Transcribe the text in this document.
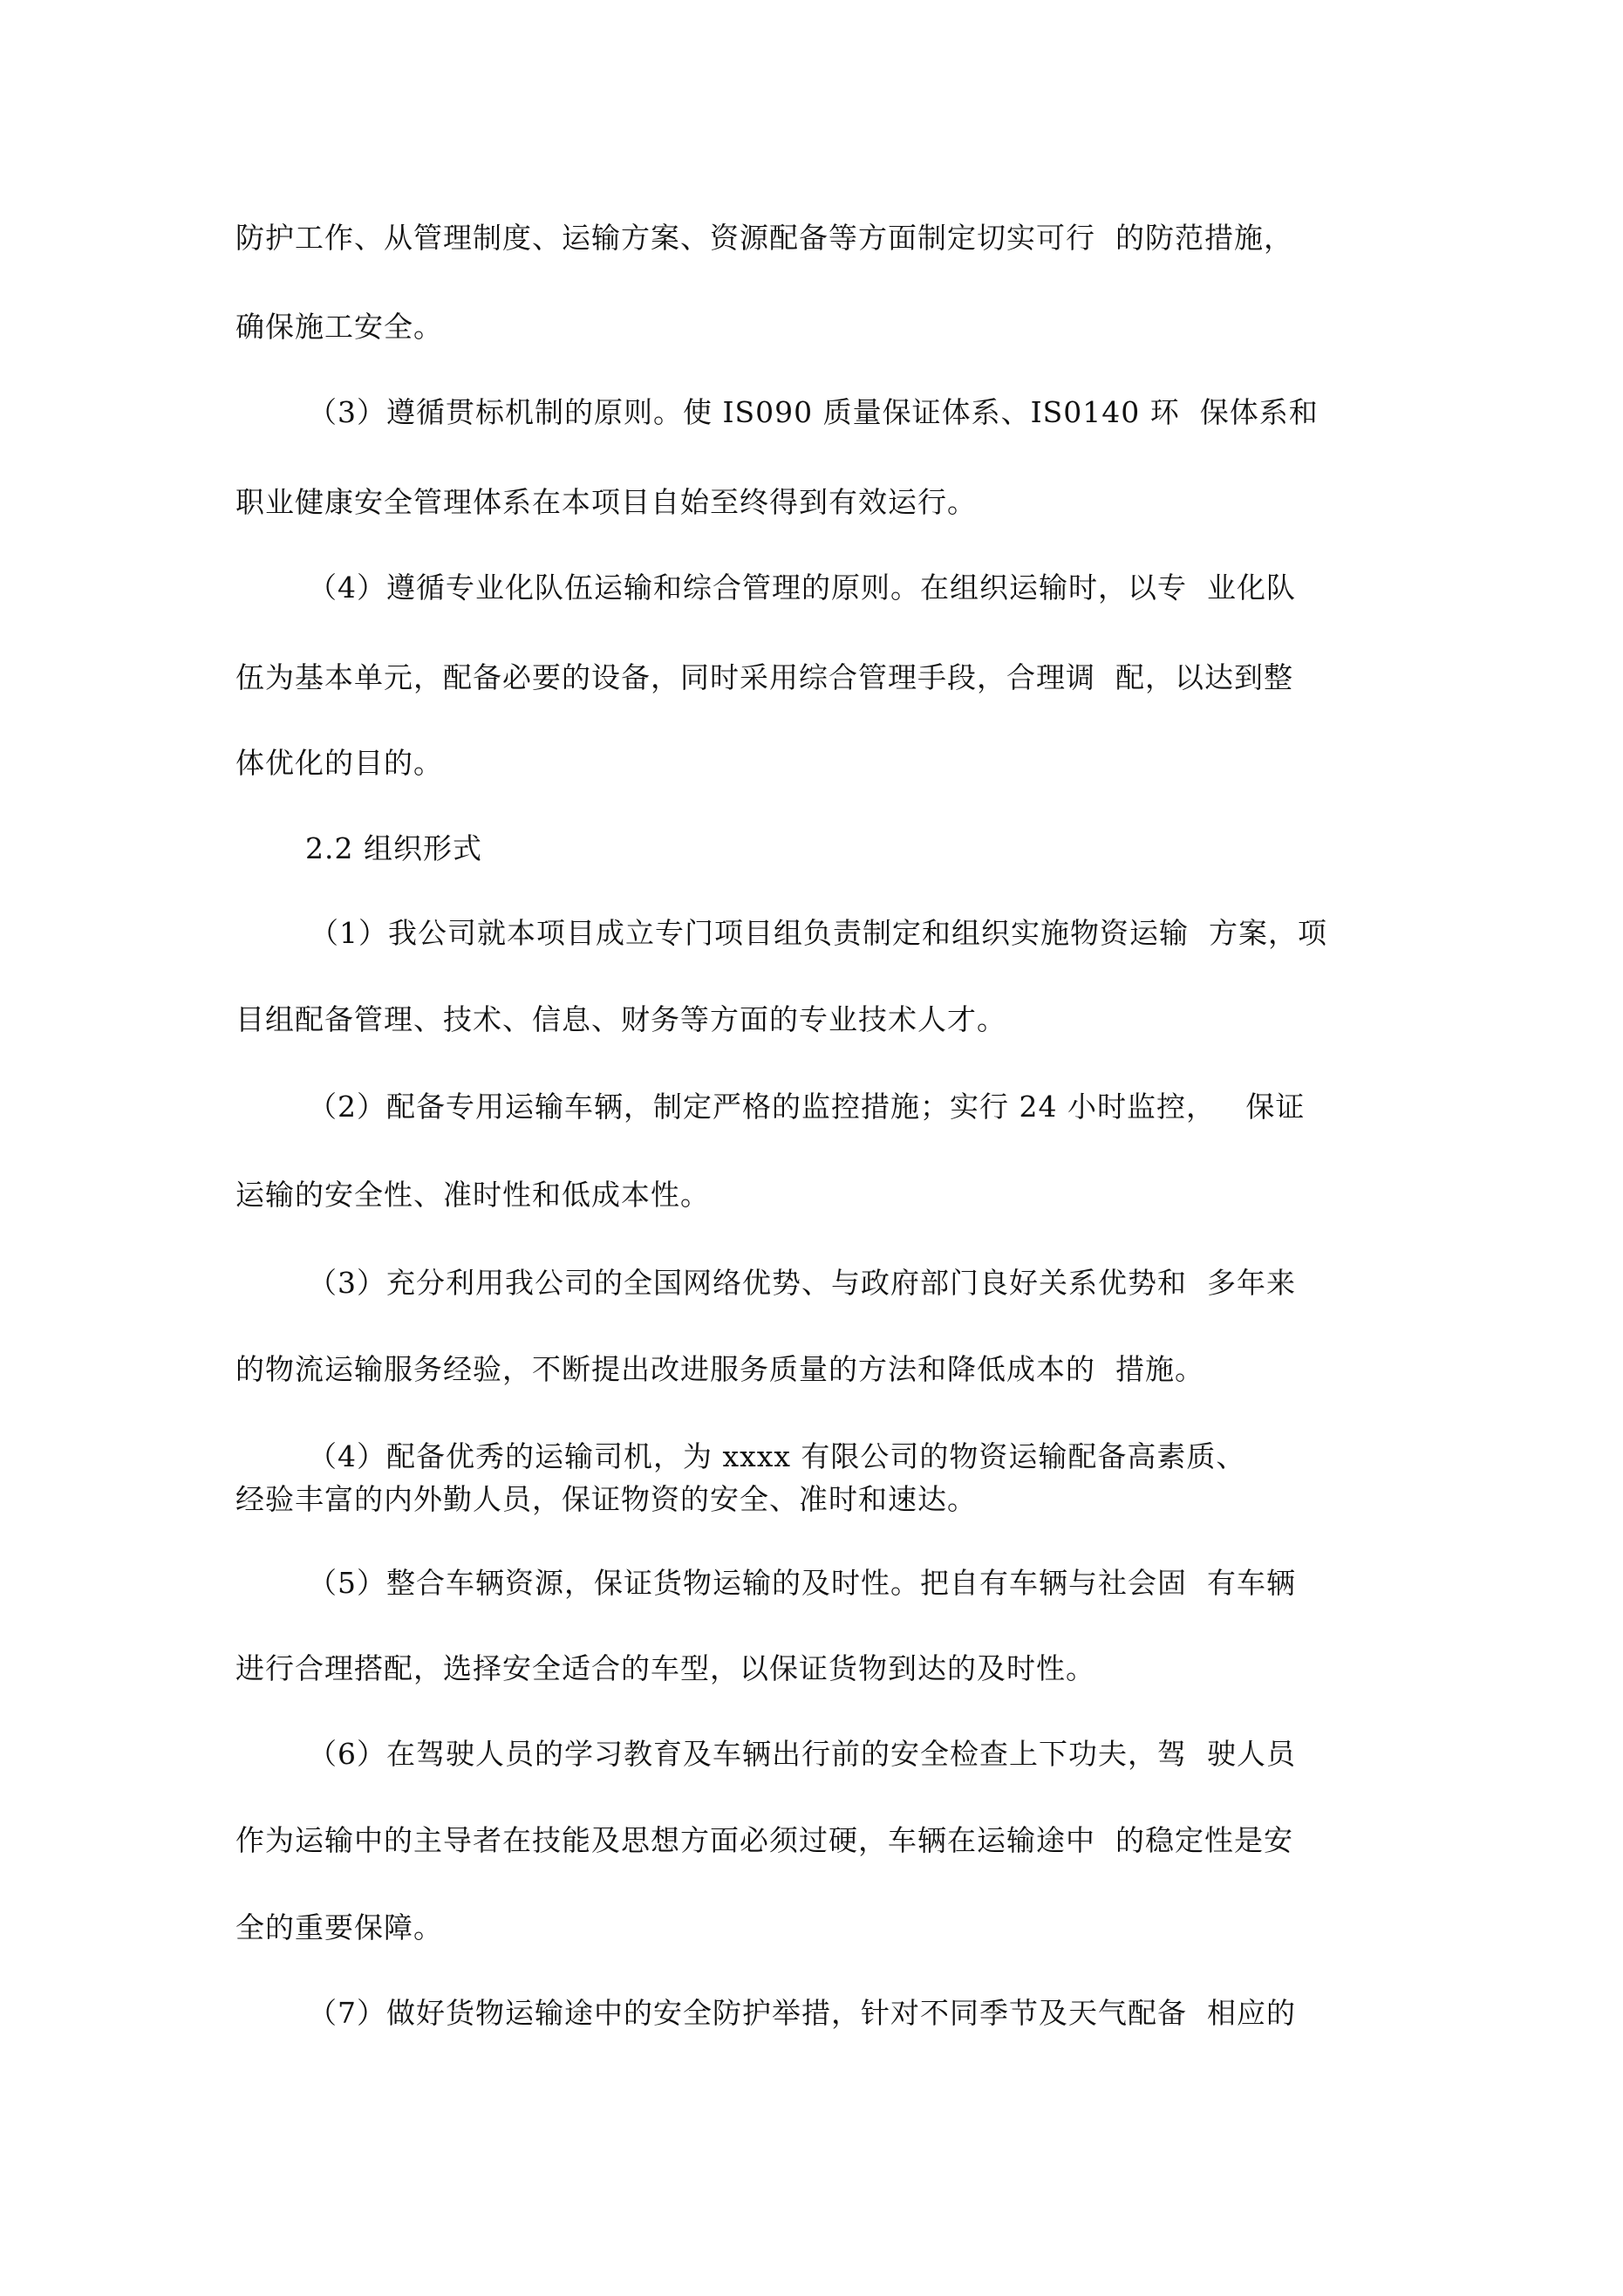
防护工作、从管理制度、运输方案、资源配备等方面制定切实可行  的防范措施，

确保施工安全。

（3）遵循贯标机制的原则。使 IS090 质量保证体系、IS0140 环  保体系和

职业健康安全管理体系在本项目自始至终得到有效运行。

（4）遵循专业化队伍运输和综合管理的原则。在组织运输时，以专  业化队

伍为基本单元，配备必要的设备，同时采用综合管理手段，合理调  配，以达到整

体优化的目的。

2.2 组织形式

（1）我公司就本项目成立专门项目组负责制定和组织实施物资运输  方案，项

目组配备管理、技术、信息、财务等方面的专业技术人才。

（2）配备专用运输车辆，制定严格的监控措施；实行 24 小时监控，   保证

运输的安全性、准时性和低成本性。

（3）充分利用我公司的全国网络优势、与政府部门良好关系优势和  多年来

的物流运输服务经验，不断提出改进服务质量的方法和降低成本的  措施。

（4）配备优秀的运输司机，为 xxxx 有限公司的物资运输配备高素质、

经验丰富的内外勤人员，保证物资的安全、准时和速达。

（5）整合车辆资源，保证货物运输的及时性。把自有车辆与社会固  有车辆

进行合理搭配，选择安全适合的车型，以保证货物到达的及时性。

（6）在驾驶人员的学习教育及车辆出行前的安全检查上下功夫，驾  驶人员

作为运输中的主导者在技能及思想方面必须过硬，车辆在运输途中  的稳定性是安

全的重要保障。

（7）做好货物运输途中的安全防护举措，针对不同季节及天气配备  相应的
